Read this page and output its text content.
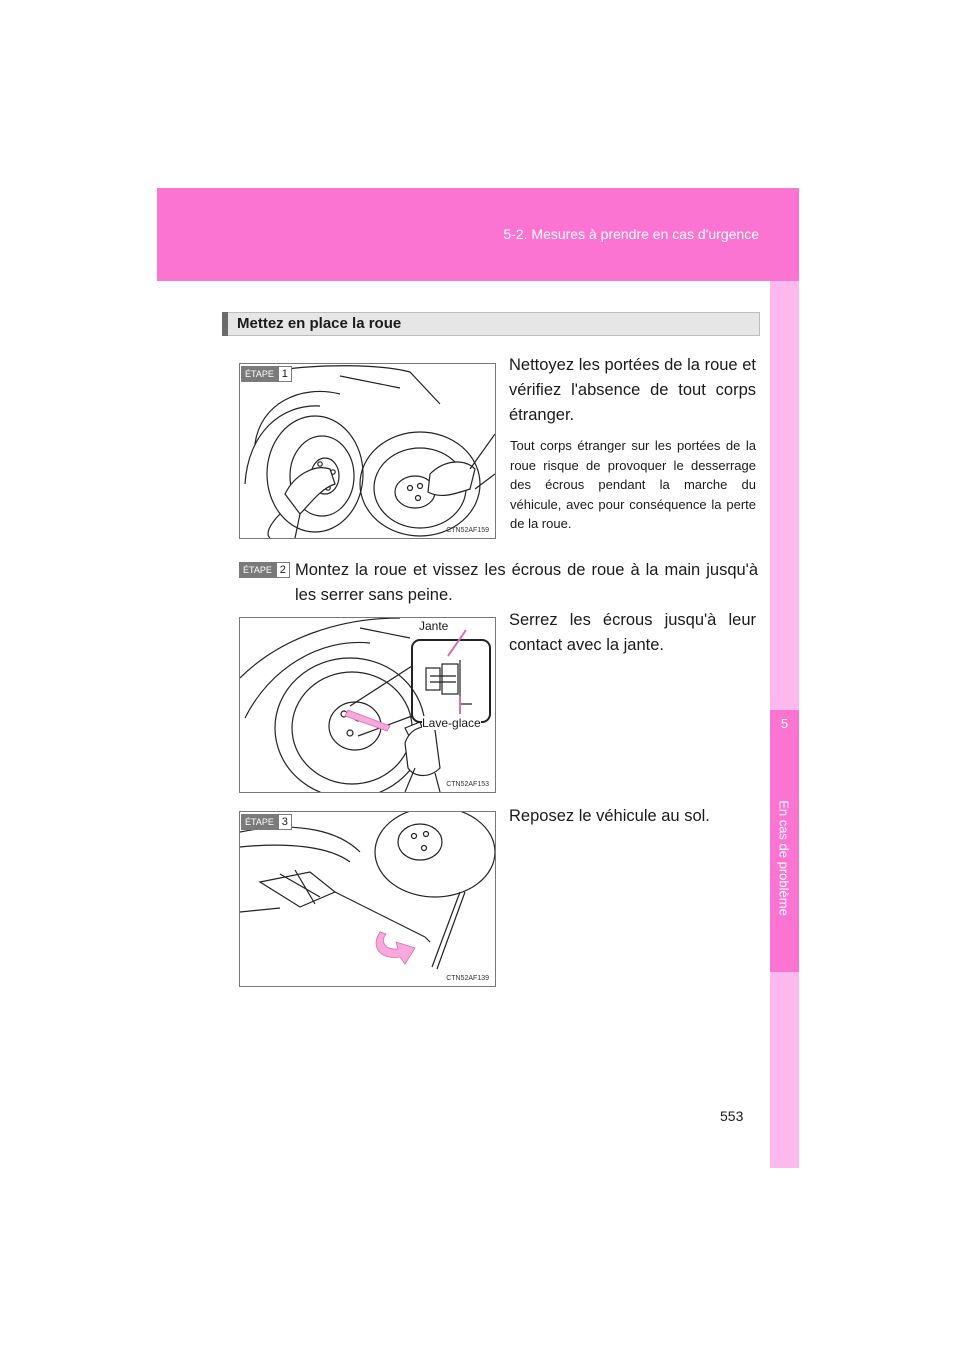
5-2. Mesures à prendre en cas d'urgence
5
En cas de problème
Mettez en place la roue
CTN52AF159
ÉTAPE 1	Nettoyez les portées de la roue et vérifiez l'absence de tout corps étranger.
Tout corps étranger sur les portées de la roue risque de provoquer le desserrage des écrous pendant la marche du véhicule, avec pour conséquence la perte de la roue.
ÉTAPE 2 Montez la roue et vissez les écrous de roue à la main jusqu'à les serrer sans peine.
CTN52AF153
Jante
Lave-glace
Serrez les écrous jusqu'à leur contact avec la jante.
CTN52AF139
ÉTAPE 3	Reposez le véhicule au sol.
553
